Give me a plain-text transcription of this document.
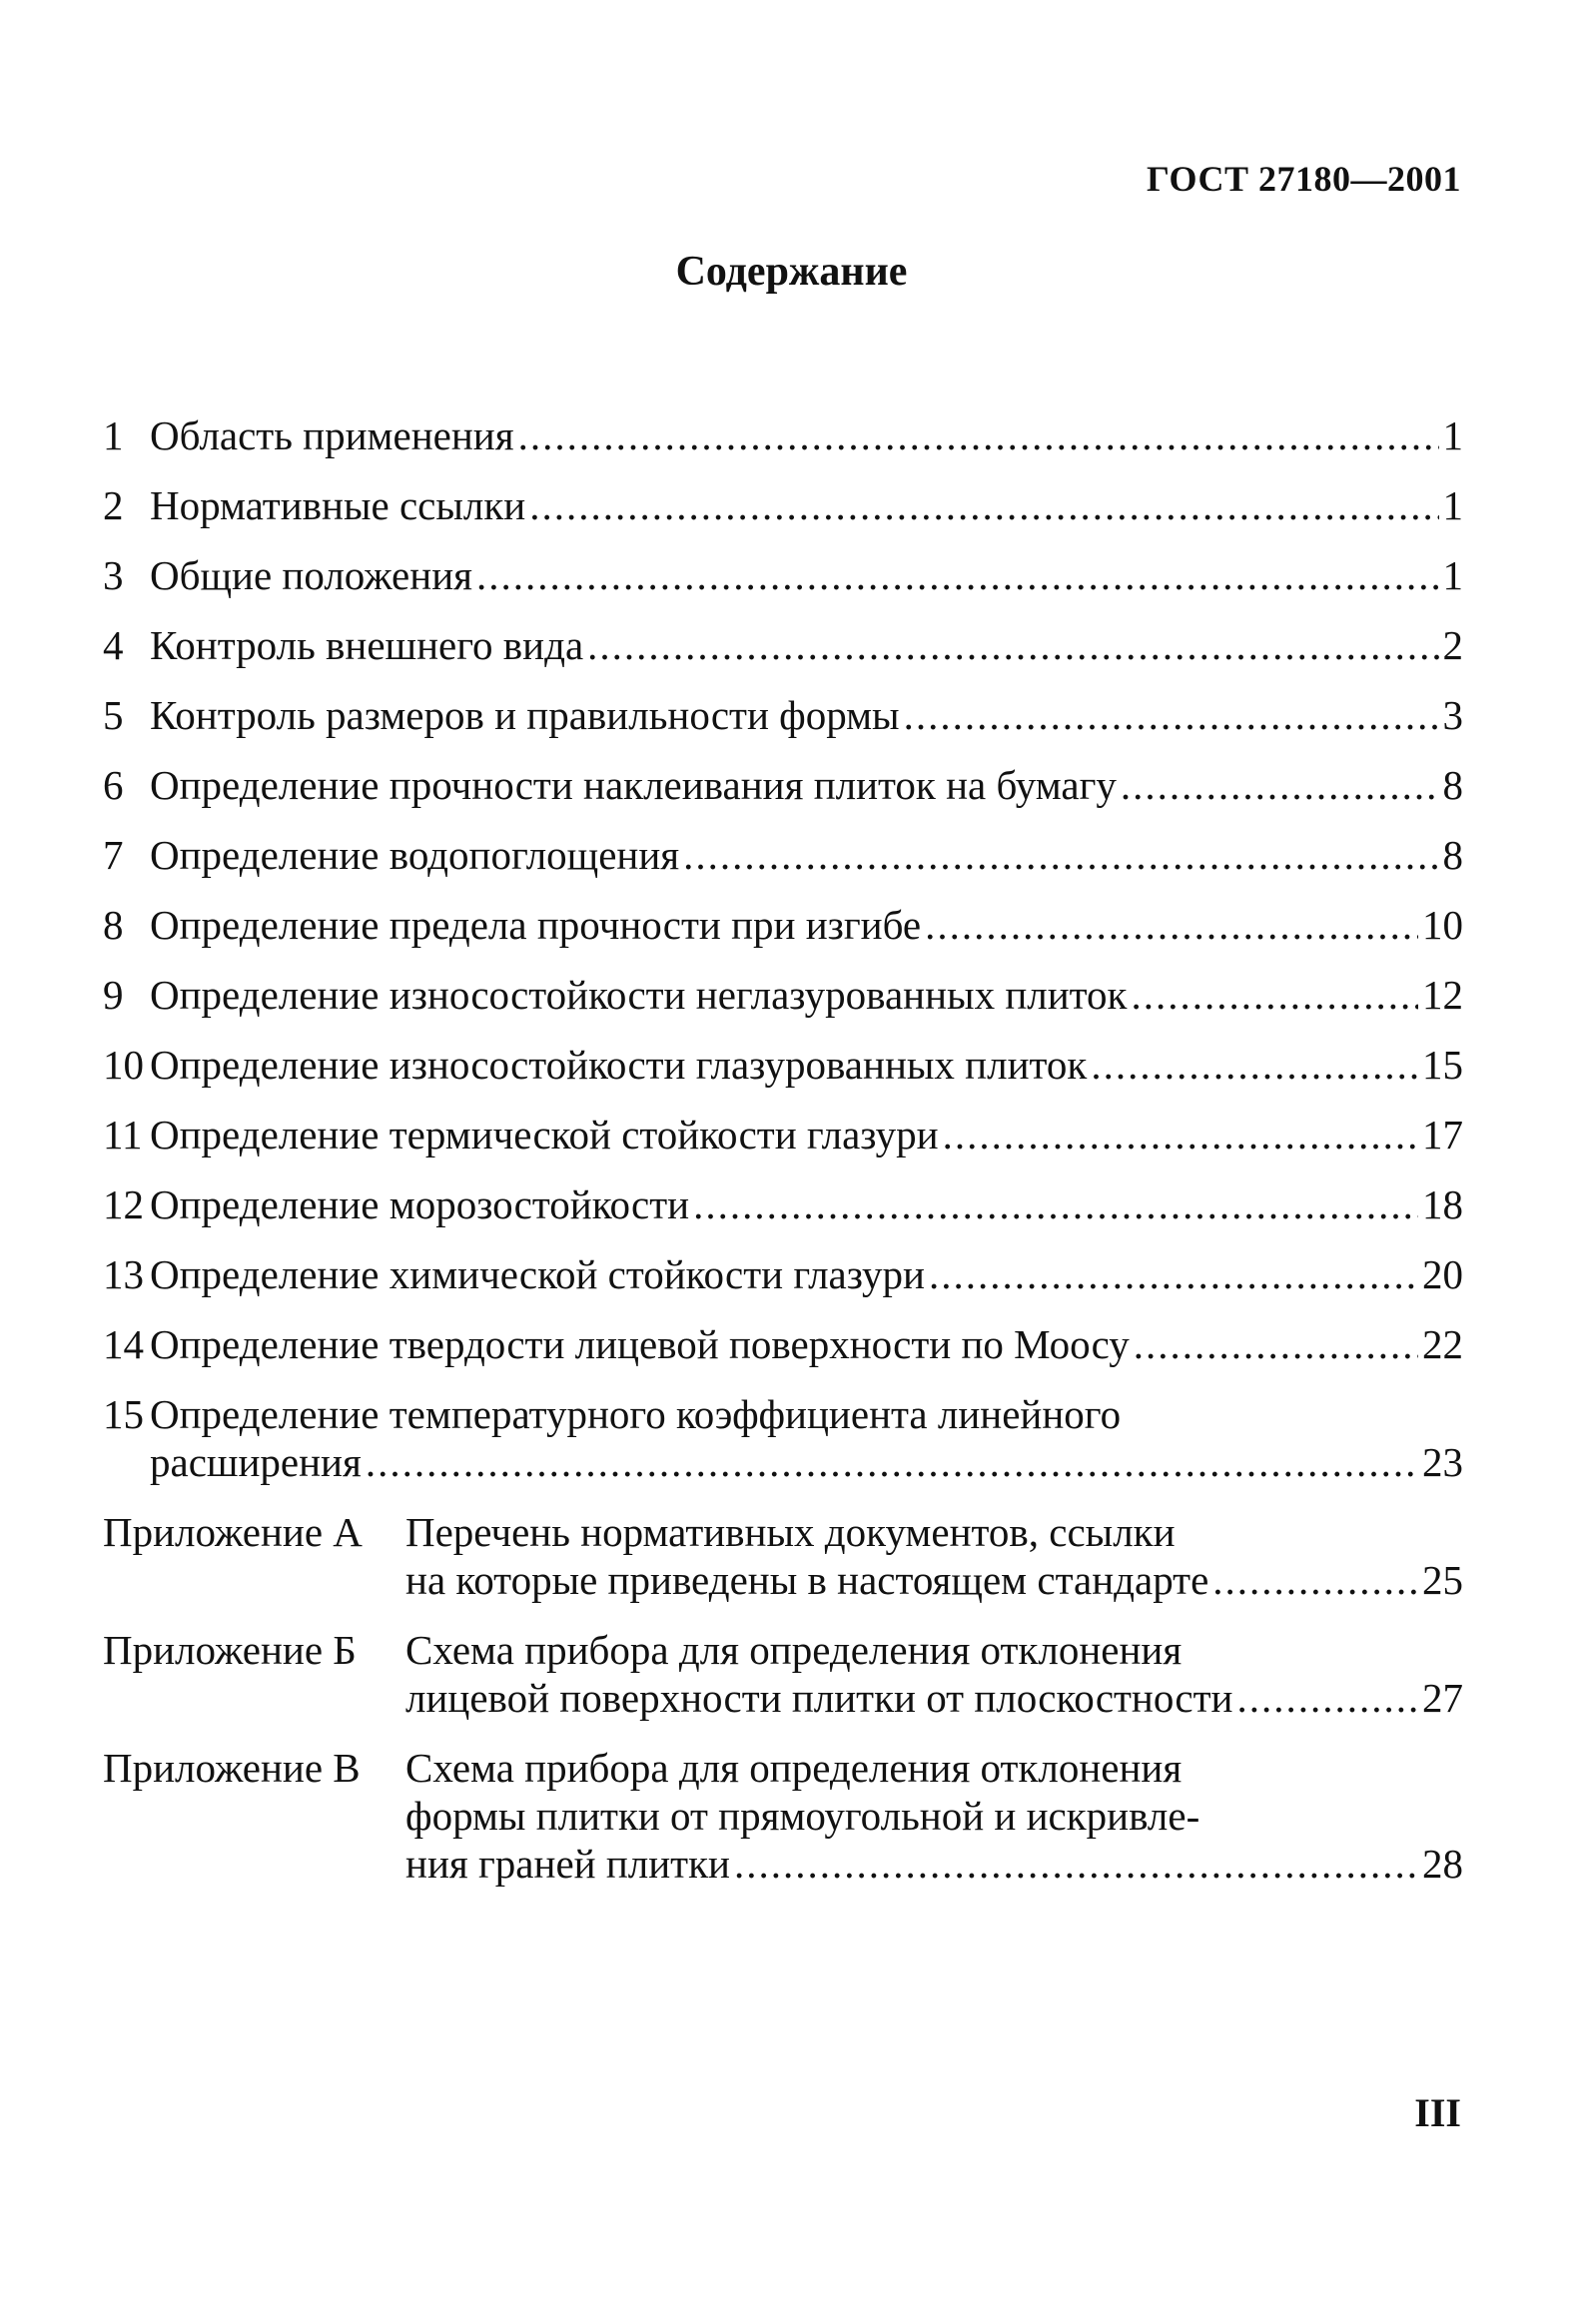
ГОСТ 27180—2001
Содержание
1 Область применения .....	1
2 Нормативные ссылки .....	1
3 Общие положения .....	1
4 Контроль внешнего вида .....	2
5 Контроль размеров и правильности формы .....	3
6 Определение прочности наклеивания плиток на бумагу .....	8
7 Определение водопоглощения .....	8
8 Определение предела прочности при изгибе .....	10
9 Определение износостойкости неглазурованных плиток .....	12
10 Определение износостойкости глазурованных плиток .....	15
11 Определение термической стойкости глазури .....	17
12 Определение морозостойкости .....	18
13 Определение химической стойкости глазури .....	20
14 Определение твердости лицевой поверхности по Моосу .....	22
15 Определение температурного коэффициента линейного
расширения .....	23
Приложение А	Перечень нормативных документов, ссылки
на которые приведены в настоящем стандарте .....	25
Приложение Б	Схема прибора для определения отклонения
лицевой поверхности плитки от плоскостности .....	27
Приложение В	Схема прибора для определения отклонения
формы плитки от прямоугольной и искривле-
ния граней плитки .....	28
III
